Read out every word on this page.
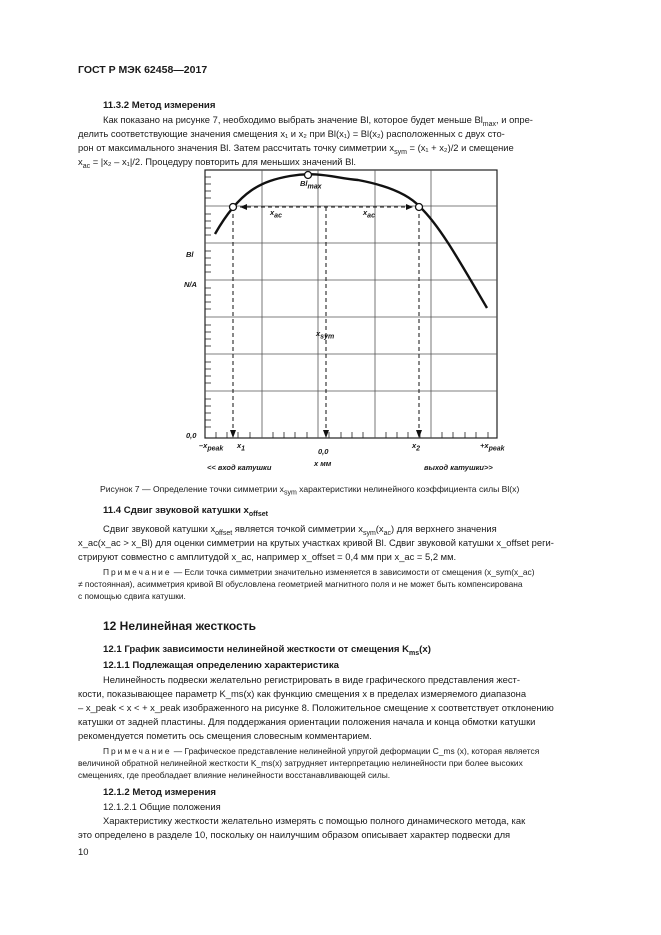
ГОСТ Р МЭК 62458—2017
11.3.2 Метод измерения
Как показано на рисунке 7, необходимо выбрать значение Bl, которое будет меньше $Bl_{max}$, и опре-
делить соответствующие значения смещения x₁ и x₂ при Bl(x₁) = Bl(x₂) расположенных с двух сто-
рон от максимального значения Bl. Затем рассчитать точку симметрии $x_{sym} = (x_1 + x_2)/2$ и смещение
$x_{ac} = |x_2 - x_1|/2$. Процедуру повторить для меньших значений Bl.
$Bl_{max}$
$x_{ac}$	$x_{ac}$
$x_{sym}$
Bl
N/A
0,0
$-x_{peak}$ $x_1$	0,0
$x_2$	$+x_{peak}$
x мм
<< вход катушки	выход катушки>>
Рисунок 7 — Определение точки симметрии $x_{sym}$ характеристики нелинейного коэффициента силы Bl(x)
11.4 Сдвиг звуковой катушки $x_{offset}$
Сдвиг звуковой катушки $x_{offset}$ является точкой симметрии $x_{sym}(x_{ac})$ для верхнего значения
x_ac(x_ac > x_Bl) для оценки симметрии на крутых участках кривой Bl. Сдвиг звуковой катушки x_offset реги-
стрируют совместно с амплитудой x_ac, например x_offset = 0,4 мм при x_ac = 5,2 мм.
Примечание — Если точка симметрии значительно изменяется в зависимости от смещения (x_sym(x_ac)
≠ постоянная), асимметрия кривой Bl обусловлена геометрией магнитного поля и не может быть компенсирована
с помощью сдвига катушки.
12 Нелинейная жесткость
12.1 График зависимости нелинейной жесткости от смещения $K_{ms}(x)$
12.1.1 Подлежащая определению характеристика
Нелинейность подвески желательно регистрировать в виде графического представления жест-
кости, показывающее параметр K_ms(x) как функцию смещения x в пределах измеряемого диапазона
– x_peak < x < + x_peak изображенного на рисунке 8. Положительное смещение x соответствует отклонению
катушки от задней пластины. Для поддержания ориентации положения начала и конца обмотки катушки
рекомендуется пометить ось смещения словесным комментарием.
Примечание — Графическое представление нелинейной упругой деформации C_ms (x), которая является
величиной обратной нелинейной жесткости K_ms(x) затрудняет интерпретацию нелинейности при более высоких
смещениях, где преобладает влияние нелинейности восстанавливающей силы.
12.1.2 Метод измерения
12.1.2.1 Общие положения
Характеристику жесткости желательно измерять с помощью полного динамического метода, как
это определено в разделе 10, поскольку он наилучшим образом описывает характер подвески для
10
